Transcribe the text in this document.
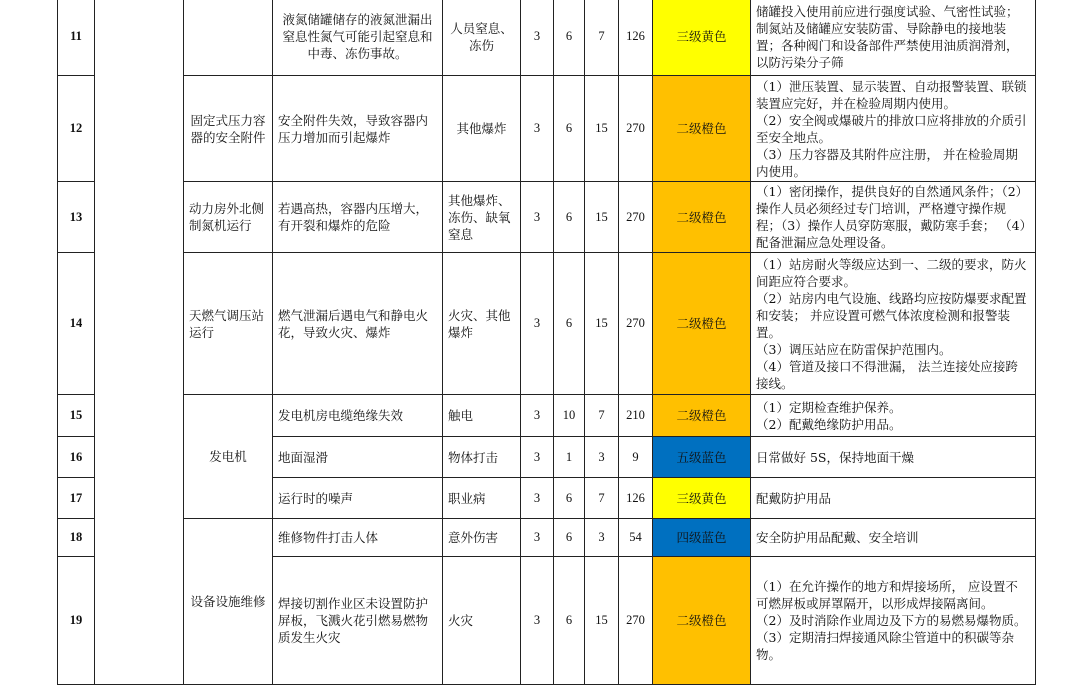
11			液氮储罐储存的液氮泄漏出窒息性氮气可能引起窒息和中毒、冻伤事故。	人员窒息、冻伤	3	6	7	126	三级黄色	储罐投入使用前应进行强度试验、气密性试验；制氮站及储罐应安装防雷、导除静电的接地装置；各种阀门和设备部件严禁使用油质润滑剂，以防污染分子筛

12		固定式压力容器的安全附件	安全附件失效，导致容器内压力增加而引起爆炸	其他爆炸	3	6	15	270	二级橙色	（1）泄压装置、显示装置、自动报警装置、联锁装置应完好，并在检验周期内使用。
（2）安全阀或爆破片的排放口应将排放的介质引至安全地点。
（3）压力容器及其附件应注册， 并在检验周期内使用。

13		动力房外北侧制氮机运行	若遇高热，容器内压增大，有开裂和爆炸的危险	其他爆炸、冻伤、缺氧窒息	3	6	15	270	二级橙色	（1）密闭操作，提供良好的自然通风条件；（2）操作人员必须经过专门培训，严格遵守操作规程；（3）操作人员穿防寒服，戴防寒手套； （4）配备泄漏应急处理设备。

14		天燃气调压站运行	燃气泄漏后遇电气和静电火花，导致火灾、爆炸	火灾、其他爆炸	3	6	15	270	二级橙色	（1）站房耐火等级应达到一、二级的要求，防火间距应符合要求。
（2）站房内电气设施、线路均应按防爆要求配置和安装； 并应设置可燃气体浓度检测和报警装置。
（3）调压站应在防雷保护范围内。
（4）管道及接口不得泄漏， 法兰连接处应接跨接线。

15		发电机	发电机房电缆绝缘失效	触电	3	10	7	210	二级橙色	（1）定期检查维护保养。
（2）配戴绝缘防护用品。

16			地面湿滑	物体打击	3	1	3	9	五级蓝色	日常做好 5S，保持地面干燥

17			运行时的噪声	职业病	3	6	7	126	三级黄色	配戴防护用品

18		设备设施维修	维修物件打击人体	意外伤害	3	6	3	54	四级蓝色	安全防护用品配戴、安全培训

19			焊接切割作业区未设置防护屏板，飞溅火花引燃易燃物质发生火灾	火灾	3	6	15	270	二级橙色	（1）在允许操作的地方和焊接场所， 应设置不可燃屏板或屏罩隔开，以形成焊接隔离间。
（2）及时消除作业周边及下方的易燃易爆物质。
（3）定期清扫焊接通风除尘管道中的积碳等杂物。
